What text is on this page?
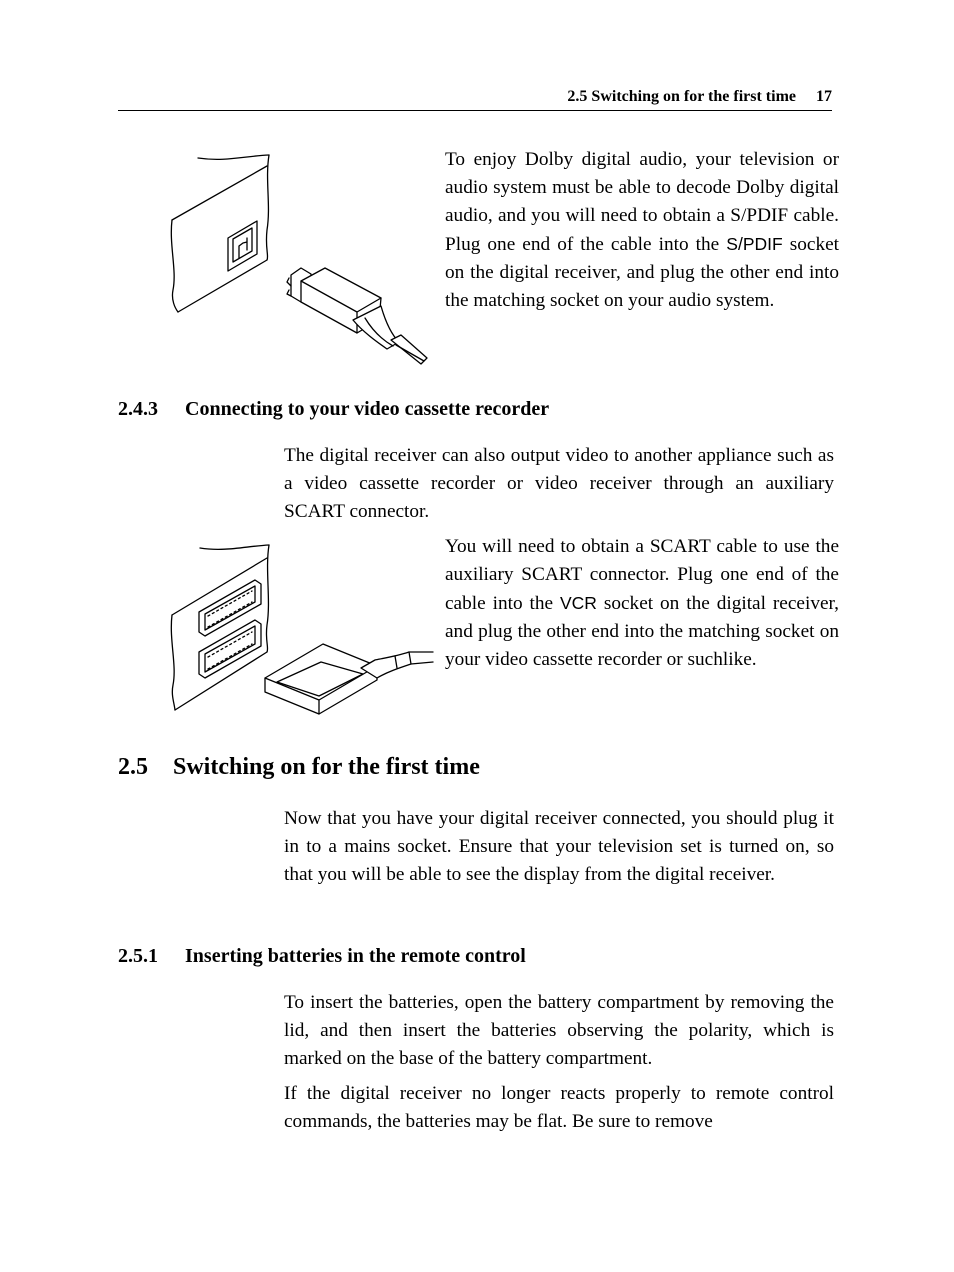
2.5 Switching on for the first time 17

To enjoy Dolby digital audio, your television or audio system must be able to decode Dolby digital audio, and you will need to obtain a S/PDIF cable. Plug one end of the cable into the S/PDIF socket on the digital receiver, and plug the other end into the matching socket on your audio system.

2.4.3 Connecting to your video cassette recorder

The digital receiver can also output video to another appliance such as a video cassette recorder or video receiver through an auxiliary SCART connector.

You will need to obtain a SCART cable to use the auxiliary SCART connector. Plug one end of the cable into the VCR socket on the digital receiver, and plug the other end into the matching socket on your video cassette recorder or suchlike.

2.5 Switching on for the first time

Now that you have your digital receiver connected, you should plug it in to a mains socket. Ensure that your television set is turned on, so that you will be able to see the display from the digital receiver.

2.5.1 Inserting batteries in the remote control

To insert the batteries, open the battery compartment by removing the lid, and then insert the batteries observing the polarity, which is marked on the base of the battery compartment.

If the digital receiver no longer reacts properly to remote control commands, the batteries may be flat. Be sure to remove
